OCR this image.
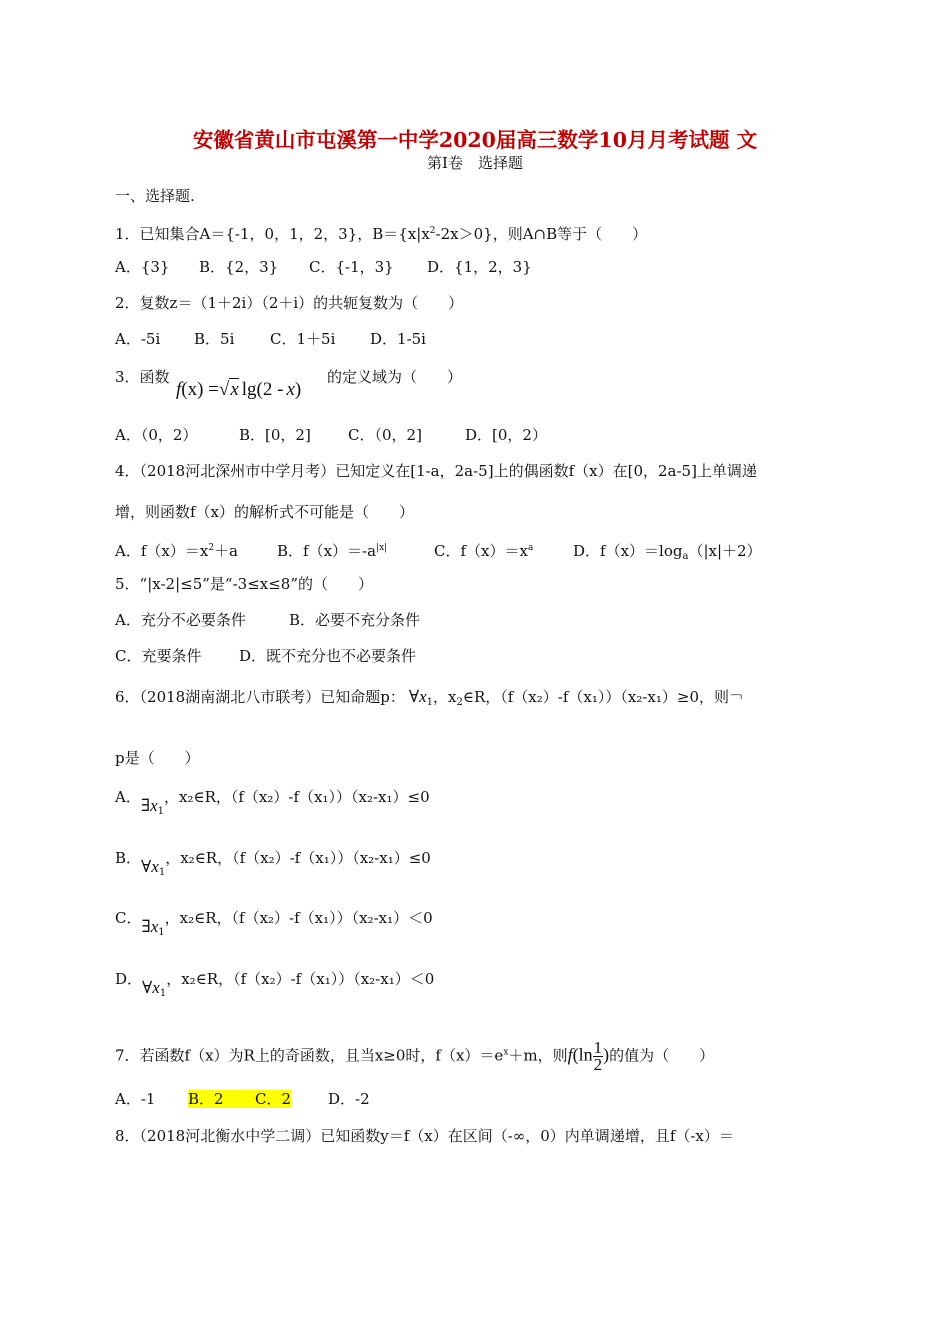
安徽省黄山市屯溪第一中学2020届高三数学10月月考试题 文
第Ⅰ卷　选择题
一、选择题.
1．已知集合A＝{-1，0，1，2，3}，$B=\{x|x^2-2x>0\}$，则A∩B等于（　　）
A．{3} B．{2，3} C．{-1，3} D．{1，2，3}
2．复数z＝（1＋2i）（2＋i）的共轭复数为（　　）
A．-5i B．5i C．1＋5i D．1-5i
3．函数
f(x) =√x lg(2 - x)
的定义域为（　　）
A．（0，2）	B．[0，2] C．（0，2]	D．[0，2）
4．（2018河北深州市中学月考）已知定义在[1-a，2a-5]上的偶函数f（x）在[0，2a-5]上单调递
增，则函数f（x）的解析式不可能是（　　）
A．$f(x)=x^2+a$	B．$f(x)=-a^{|x|}$	C．$f(x)=x^a$	D．$f(x)=\log_a(|x|+2)$
5．“|x-2|≤5”是“-3≤x≤8”的（　　）
A．充分不必要条件	B．必要不充分条件
C．充要条件	D．既不充分也不必要条件
6．（2018湖南湖北八市联考）已知命题p： $\forall x_1$，$x_2\in R$，（f（x₂）-f（x₁））（x₂-x₁）≥0，则￢
p是（　　）
A．$\exists x_1$，x₂∈R，（f（x₂）-f（x₁））（x₂-x₁）≤0
B．$\forall x_1$，x₂∈R，（f（x₂）-f（x₁））（x₂-x₁）≤0
C．$\exists x_1$，x₂∈R，（f（x₂）-f（x₁））（x₂-x₁）＜0
D．$\forall x_1$，x₂∈R，（f（x₂）-f（x₁））（x₂-x₁）＜0
7．若函数f（x）为R上的奇函数，且当x≥0时，$f(x)=e^x+m$，则$f(\ln \frac{1}{2}$ )的值为（　　）
A．-1 B．2 C．2 D．-2
8．（2018河北衡水中学二调）已知函数y＝f（x）在区间（-∞，0）内单调递增，且f（-x）＝
